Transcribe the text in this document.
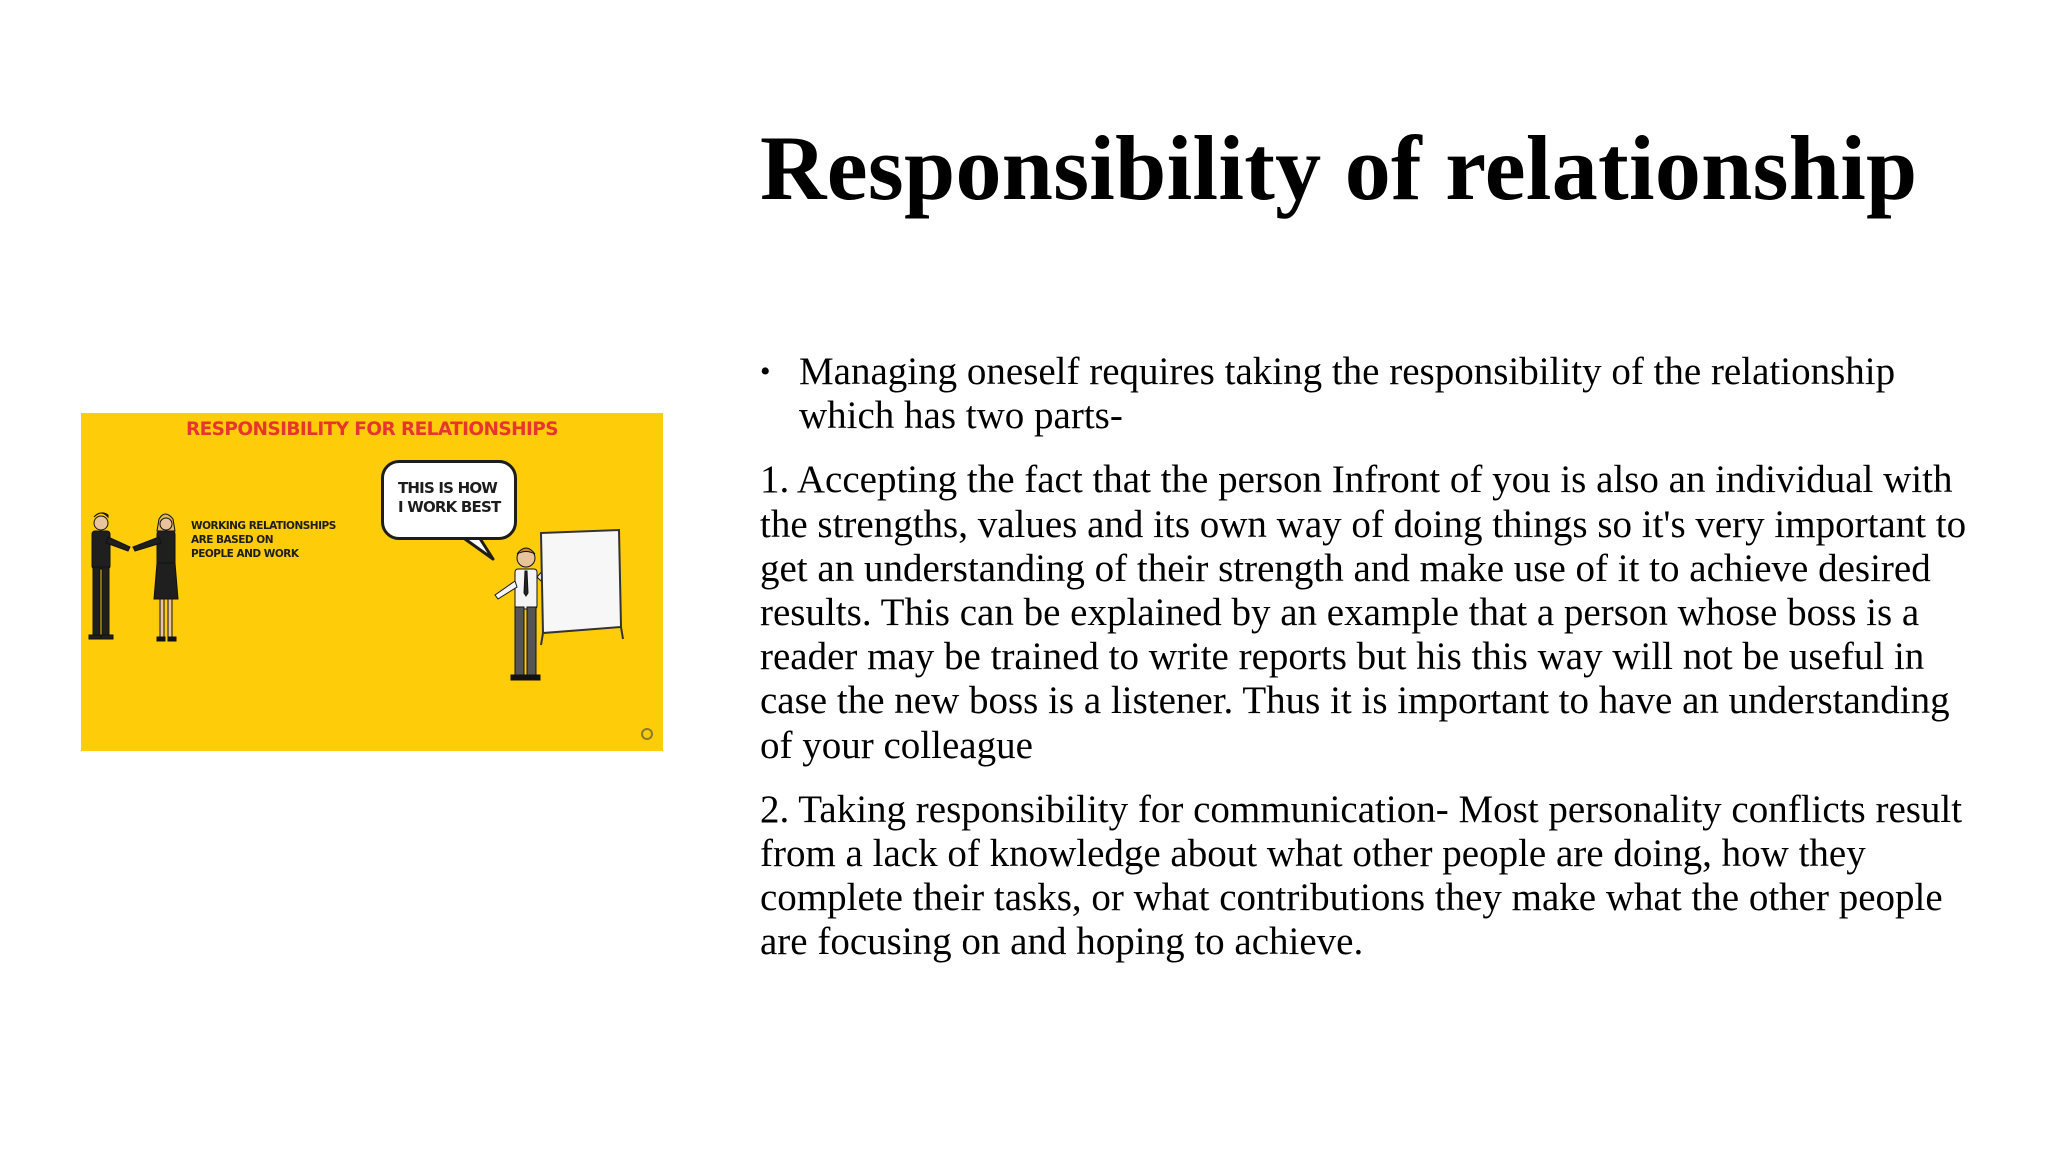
Responsibility of relationship
RESPONSIBILITY FOR RELATIONSHIPS
WORKING RELATIONSHIPS
ARE BASED ON
PEOPLE AND WORK
THIS IS HOW
I WORK BEST

• Managing oneself requires taking the responsibility of the relationship which has two parts-

1. Accepting the fact that the person Infront of you is also an individual with the strengths, values and its own way of doing things so it's very important to get an understanding of their strength and make use of it to achieve desired results. This can be explained by an example that a person whose boss is a reader may be trained to write reports but his this way will not be useful in case the new boss is a listener. Thus it is important to have an understanding of your colleague

2. Taking responsibility for communication- Most personality conflicts result from a lack of knowledge about what other people are doing, how they complete their tasks, or what contributions they make what the other people are focusing on and hoping to achieve.
